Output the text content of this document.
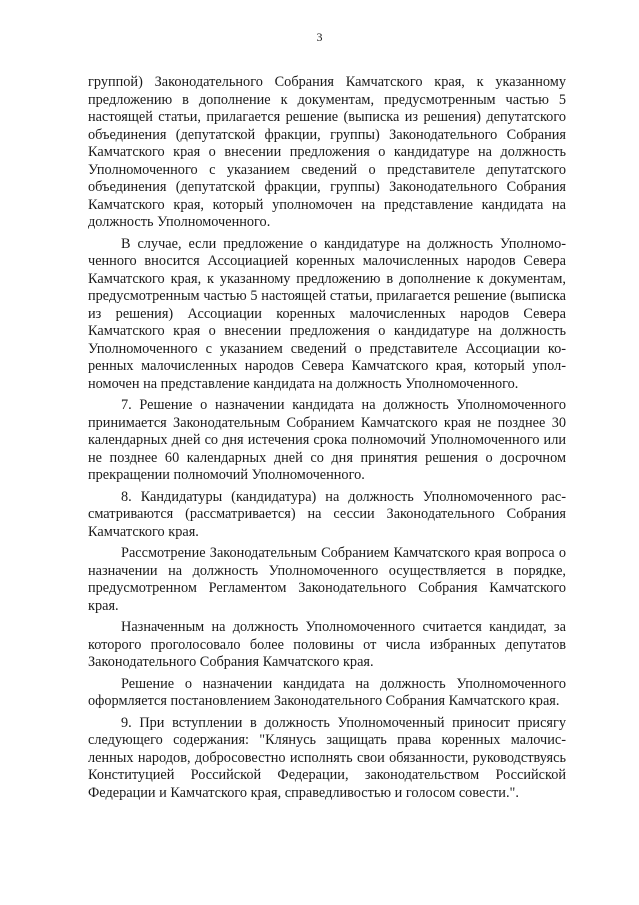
3

группой) Законодательного Собрания Камчатского края, к указанному предложению в дополнение к документам, предусмотренным частью 5 настоящей статьи, прилагается решение (выписка из решения) депутатского объединения (депутатской фракции, группы) Законодательного Собрания Камчатского края о внесении предложения о кандидатуре на должность Уполномоченного с указанием сведений о представителе депутатского объединения (депутатской фракции, группы) Законодательного Собрания Камчатского края, который уполномочен на представление кандидата на должность Уполномоченного.

В случае, если предложение о кандидатуре на должность Уполномоченного вносится Ассоциацией коренных малочисленных народов Севера Камчатского края, к указанному предложению в дополнение к документам, предусмотренным частью 5 настоящей статьи, прилагается решение (выписка из решения) Ассоциации коренных малочисленных народов Севера Камчатского края о внесении предложения о кандидатуре на должность Уполномоченного с указанием сведений о представителе Ассоциации коренных малочисленных народов Севера Камчатского края, который уполномочен на представление кандидата на должность Уполномоченного.

7. Решение о назначении кандидата на должность Уполномоченного принимается Законодательным Собранием Камчатского края не позднее 30 календарных дней со дня истечения срока полномочий Уполномоченного или не позднее 60 календарных дней со дня принятия решения о досрочном прекращении полномочий Уполномоченного.

8. Кандидатуры (кандидатура) на должность Уполномоченного рассматриваются (рассматривается) на сессии Законодательного Собрания Камчатского края.

Рассмотрение Законодательным Собранием Камчатского края вопроса о назначении на должность Уполномоченного осуществляется в порядке, предусмотренном Регламентом Законодательного Собрания Камчатского края.

Назначенным на должность Уполномоченного считается кандидат, за которого проголосовало более половины от числа избранных депутатов Законодательного Собрания Камчатского края.

Решение о назначении кандидата на должность Уполномоченного оформляется постановлением Законодательного Собрания Камчатского края.

9. При вступлении в должность Уполномоченный приносит присягу следующего содержания: "Клянусь защищать права коренных малочисленных народов, добросовестно исполнять свои обязанности, руководствуясь Конституцией Российской Федерации, законодательством Российской Федерации и Камчатского края, справедливостью и голосом совести.".
